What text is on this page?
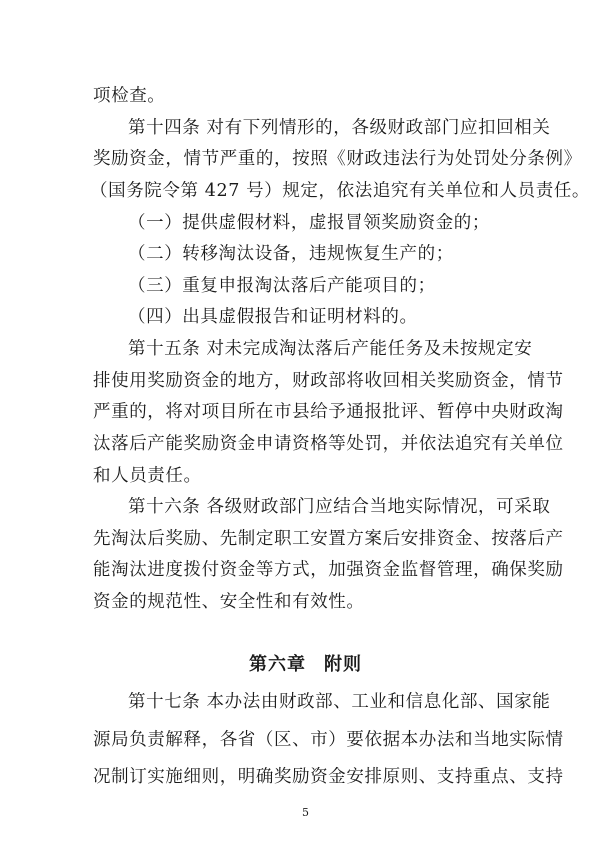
项检查。
第十四条 对有下列情形的，各级财政部门应扣回相关
奖励资金，情节严重的，按照《财政违法行为处罚处分条例》
（国务院令第 427 号）规定，依法追究有关单位和人员责任。
（一）提供虚假材料，虚报冒领奖励资金的；
（二）转移淘汰设备，违规恢复生产的；
（三）重复申报淘汰落后产能项目的；
（四）出具虚假报告和证明材料的。
第十五条 对未完成淘汰落后产能任务及未按规定安
排使用奖励资金的地方，财政部将收回相关奖励资金，情节
严重的，将对项目所在市县给予通报批评、暂停中央财政淘
汰落后产能奖励资金申请资格等处罚，并依法追究有关单位
和人员责任。
第十六条 各级财政部门应结合当地实际情况，可采取
先淘汰后奖励、先制定职工安置方案后安排资金、按落后产
能淘汰进度拨付资金等方式，加强资金监督管理，确保奖励
资金的规范性、安全性和有效性。
第六章 附则
第十七条 本办法由财政部、工业和信息化部、国家能
源局负责解释，各省（区、市）要依据本办法和当地实际情
况制订实施细则，明确奖励资金安排原则、支持重点、支持
5
